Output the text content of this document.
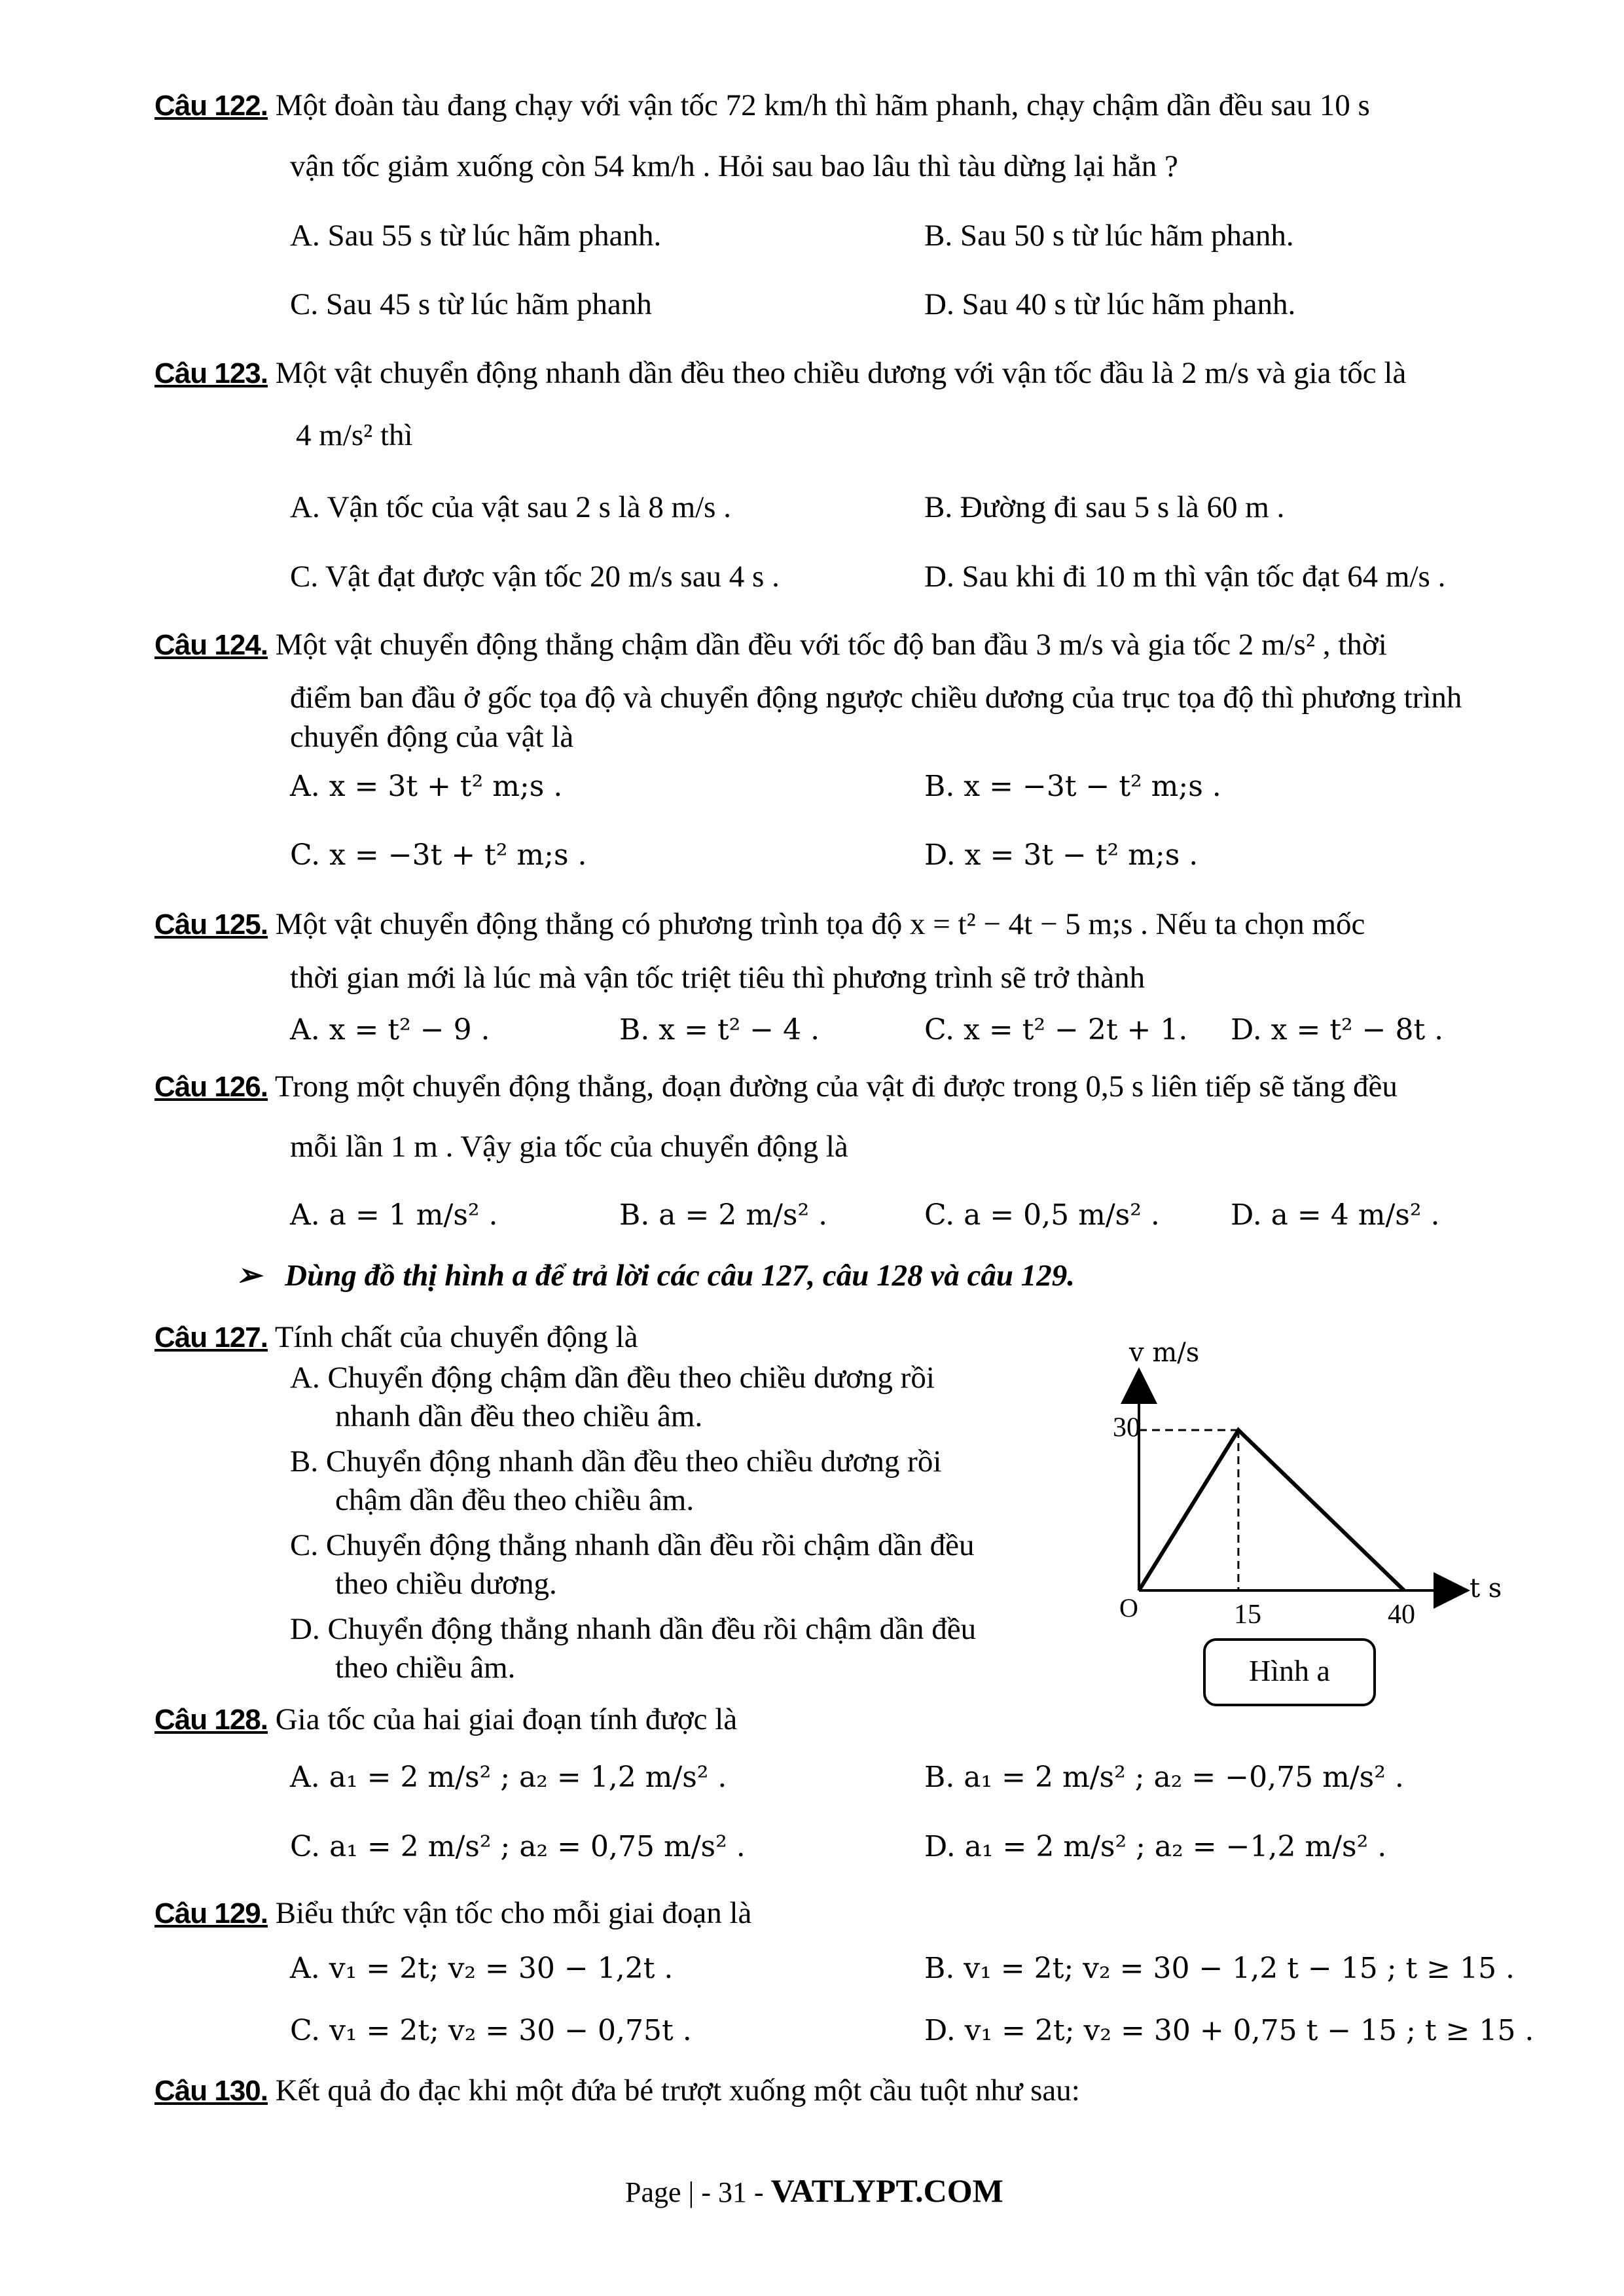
Câu 122. Một đoàn tàu đang chạy với vận tốc 72 km/h thì hãm phanh, chạy chậm dần đều sau 10 s
vận tốc giảm xuống còn 54 km/h . Hỏi sau bao lâu thì tàu dừng lại hẳn ?
A. Sau 55 s từ lúc hãm phanh.	B. Sau 50 s từ lúc hãm phanh.
C. Sau 45 s từ lúc hãm phanh	D. Sau 40 s từ lúc hãm phanh.
Câu 123. Một vật chuyển động nhanh dần đều theo chiều dương với vận tốc đầu là 2 m/s và gia tốc là
4 m/s² thì
A. Vận tốc của vật sau 2 s là 8 m/s .	B. Đường đi sau 5 s là 60 m .
C. Vật đạt được vận tốc 20 m/s sau 4 s .	D. Sau khi đi 10 m thì vận tốc đạt 64 m/s .
Câu 124. Một vật chuyển động thẳng chậm dần đều với tốc độ ban đầu 3 m/s và gia tốc 2 m/s² , thời
điểm ban đầu ở gốc tọa độ và chuyển động ngược chiều dương của trục tọa độ thì phương trình
chuyển động của vật là
A. x = 3t + t² m;s .	B. x = −3t − t² m;s .
C. x = −3t + t² m;s .	D. x = 3t − t² m;s .
Câu 125. Một vật chuyển động thẳng có phương trình tọa độ x = t² − 4t − 5 m;s . Nếu ta chọn mốc
thời gian mới là lúc mà vận tốc triệt tiêu thì phương trình sẽ trở thành
A. x = t² − 9 .	B. x = t² − 4 .	C. x = t² − 2t + 1. D. x = t² − 8t .
Câu 126. Trong một chuyển động thẳng, đoạn đường của vật đi được trong 0,5 s liên tiếp sẽ tăng đều
mỗi lần 1 m . Vậy gia tốc của chuyển động là
A. a = 1 m/s² .	B. a = 2 m/s² .	C. a = 0,5 m/s² . D. a = 4 m/s² .
➢ Dùng đồ thị hình a để trả lời các câu 127, câu 128 và câu 129.
Câu 127. Tính chất của chuyển động là
A. Chuyển động chậm dần đều theo chiều dương rồi
nhanh dần đều theo chiều âm.
B. Chuyển động nhanh dần đều theo chiều dương rồi
chậm dần đều theo chiều âm.
C. Chuyển động thẳng nhanh dần đều rồi chậm dần đều
theo chiều dương.
D. Chuyển động thẳng nhanh dần đều rồi chậm dần đều
theo chiều âm.
v m/s
t s
30
O	15	40
Hình a
Câu 128. Gia tốc của hai giai đoạn tính được là
A. a₁ = 2 m/s² ; a₂ = 1,2 m/s² .	B. a₁ = 2 m/s² ; a₂ = −0,75 m/s² .
C. a₁ = 2 m/s² ; a₂ = 0,75 m/s² .	D. a₁ = 2 m/s² ; a₂ = −1,2 m/s² .
Câu 129. Biểu thức vận tốc cho mỗi giai đoạn là
A. v₁ = 2t; v₂ = 30 − 1,2t .	B. v₁ = 2t; v₂ = 30 − 1,2 t − 15 ; t ≥ 15 .
C. v₁ = 2t; v₂ = 30 − 0,75t .	D. v₁ = 2t; v₂ = 30 + 0,75 t − 15 ; t ≥ 15 .
Câu 130. Kết quả đo đạc khi một đứa bé trượt xuống một cầu tuột như sau:
Page | - 31 - VATLYPT.COM
